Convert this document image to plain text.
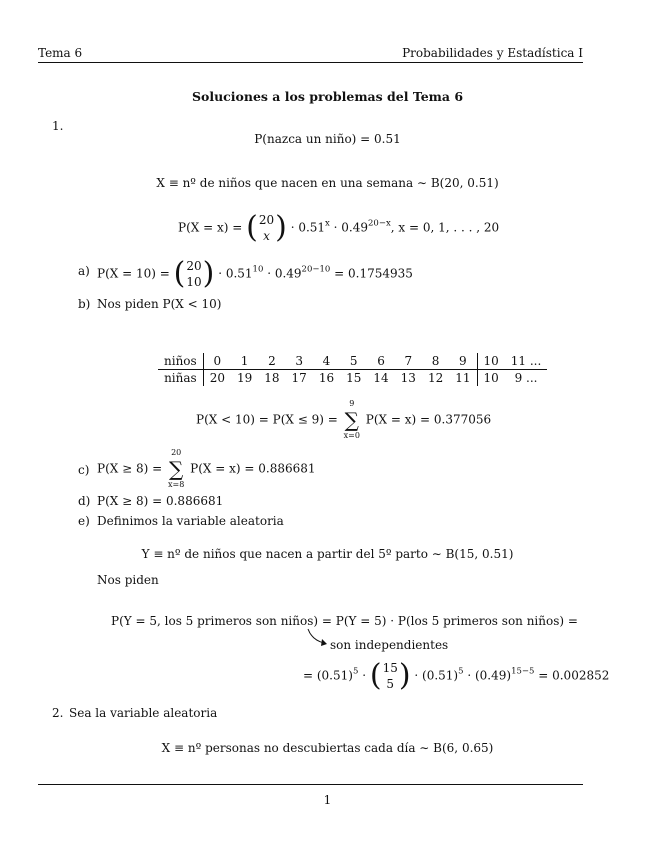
Tema 6	Probabilidades y Estadística I
Soluciones a los problemas del Tema 6
1.
P(nazca un niño) = 0.51
X ≡ nº de niños que nacen en una semana ∼ B(20, 0.51)
P(X = x) = (20
x ) · $0.51^x \cdot 0.49^{20-x}$, x = 0, 1, . . . , 20
a) P(X = 10) = (20
$10) \cdot 0.51^{10} \cdot 0.49^{20-10} = 0.1754935$
b) Nos piden P(X < 10)
niños	0	1	2	3	4	5	6	7	8	9	10	11 ...
niñas	20	19	18	17	16	15	14	13	12	11	10	9 ...
P(X < 10) = P(X ≤ 9) =
9
∑
x=0
P(X = x) = 0.377056
c) P(X ≥ 8) =
20
∑
x=8
P(X = x) = 0.886681
d) P(X ≥ 8) = 0.886681
e) Definimos la variable aleatoria
Y ≡ nº de niños que nacen a partir del 5º parto ∼ B(15, 0.51)
Nos piden
P(Y = 5, los 5 primeros son niños) = P(Y = 5) · P(los 5 primeros son niños) =
son independientes
= $(0.51)^5 \cdot (15$
5 ) · $(0.51)^5 \cdot (0.49)^{15-5} = 0.002852$
2. Sea la variable aleatoria
X ≡ nº personas no descubiertas cada día ∼ B(6, 0.65)
1
